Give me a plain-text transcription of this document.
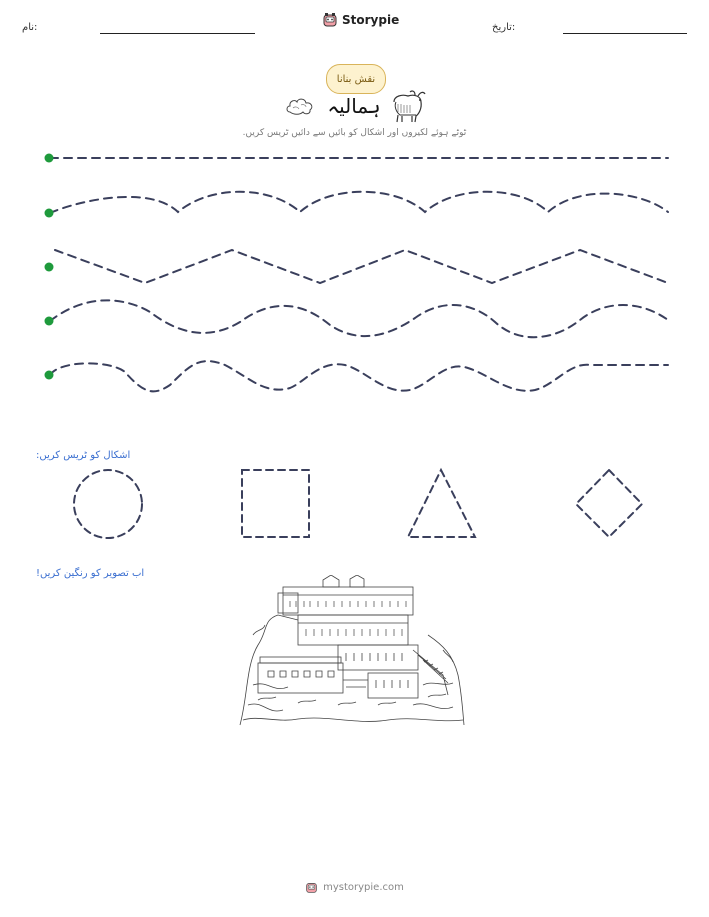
نام:
Storypie
تاریخ:
نقش بنانا
ہمالیہ
ٹوٹے ہوئے لکیروں اور اشکال کو بائیں سے دائیں ٹریس کریں.
اشکال کو ٹریس کریں:
اب تصویر کو رنگین کریں!
mystorypie.com
